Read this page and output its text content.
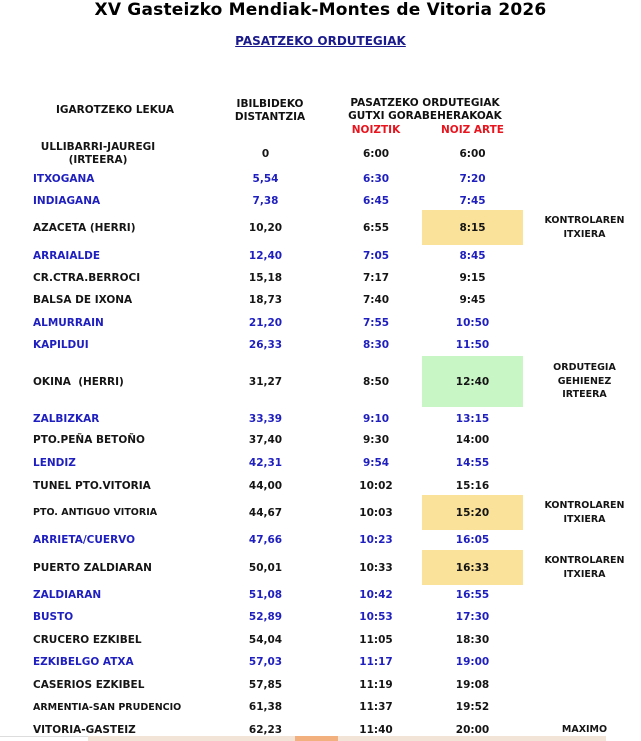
XV Gasteizko Mendiak-Montes de Vitoria 2026
PASATZEKO ORDUTEGIAK
IGAROTZEKO LEKUA	IBILBIDEKO
DISTANTZIA
PASATZEKO ORDUTEGIAK
GUTXI GORABEHERAKOAK
NOIZTIK	NOIZ ARTE
ULLIBARRI-JAUREGI
(IRTEERA)	0	6:00	6:00
ITXOGANA	5,54	6:30	7:20
INDIAGANA	7,38	6:45	7:45
AZACETA (HERRI)	10,20	6:55	8:15
KONTROLAREN
ITXIERA
ARRAIALDE	12,40	7:05	8:45
CR.CTRA.BERROCI	15,18	7:17	9:15
BALSA DE IXONA	18,73	7:40	9:45
ALMURRAIN	21,20	7:55	10:50
KAPILDUI	26,33	8:30	11:50
OKINA  (HERRI)	31,27	8:50	12:40
ORDUTEGIA
GEHIENEZ
IRTEERA
ZALBIZKAR	33,39	9:10	13:15
PTO.PEÑA BETOÑO	37,40	9:30	14:00
LENDIZ	42,31	9:54	14:55
TUNEL PTO.VITORIA	44,00	10:02	15:16
PTO. ANTIGUO VITORIA	44,67	10:03	15:20
KONTROLAREN
ITXIERA
ARRIETA/CUERVO	47,66	10:23	16:05
PUERTO ZALDIARAN	50,01	10:33	16:33
KONTROLAREN
ITXIERA
ZALDIARAN	51,08	10:42	16:55
BUSTO	52,89	10:53	17:30
CRUCERO EZKIBEL	54,04	11:05	18:30
EZKIBELGO ATXA	57,03	11:17	19:00
CASERIOS EZKIBEL	57,85	11:19	19:08
ARMENTIA-SAN PRUDENCIO	61,38	11:37	19:52
VITORIA-GASTEIZ	62,23	11:40	20:00	MAXIMO
